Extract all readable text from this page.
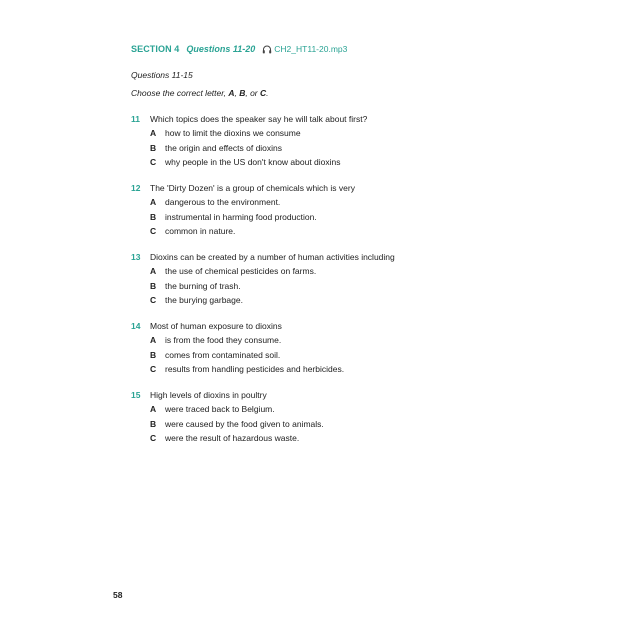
SECTION 4 Questions 11-20 CH2_HT11-20.mp3
Questions 11-15
Choose the correct letter, A, B, or C.
11 Which topics does the speaker say he will talk about first?
A how to limit the dioxins we consume
B the origin and effects of dioxins
C why people in the US don't know about dioxins
12 The 'Dirty Dozen' is a group of chemicals which is very
A dangerous to the environment.
B instrumental in harming food production.
C common in nature.
13 Dioxins can be created by a number of human activities including
A the use of chemical pesticides on farms.
B the burning of trash.
C the burying garbage.
14 Most of human exposure to dioxins
A is from the food they consume.
B comes from contaminated soil.
C results from handling pesticides and herbicides.
15 High levels of dioxins in poultry
A were traced back to Belgium.
B were caused by the food given to animals.
C were the result of hazardous waste.
58
